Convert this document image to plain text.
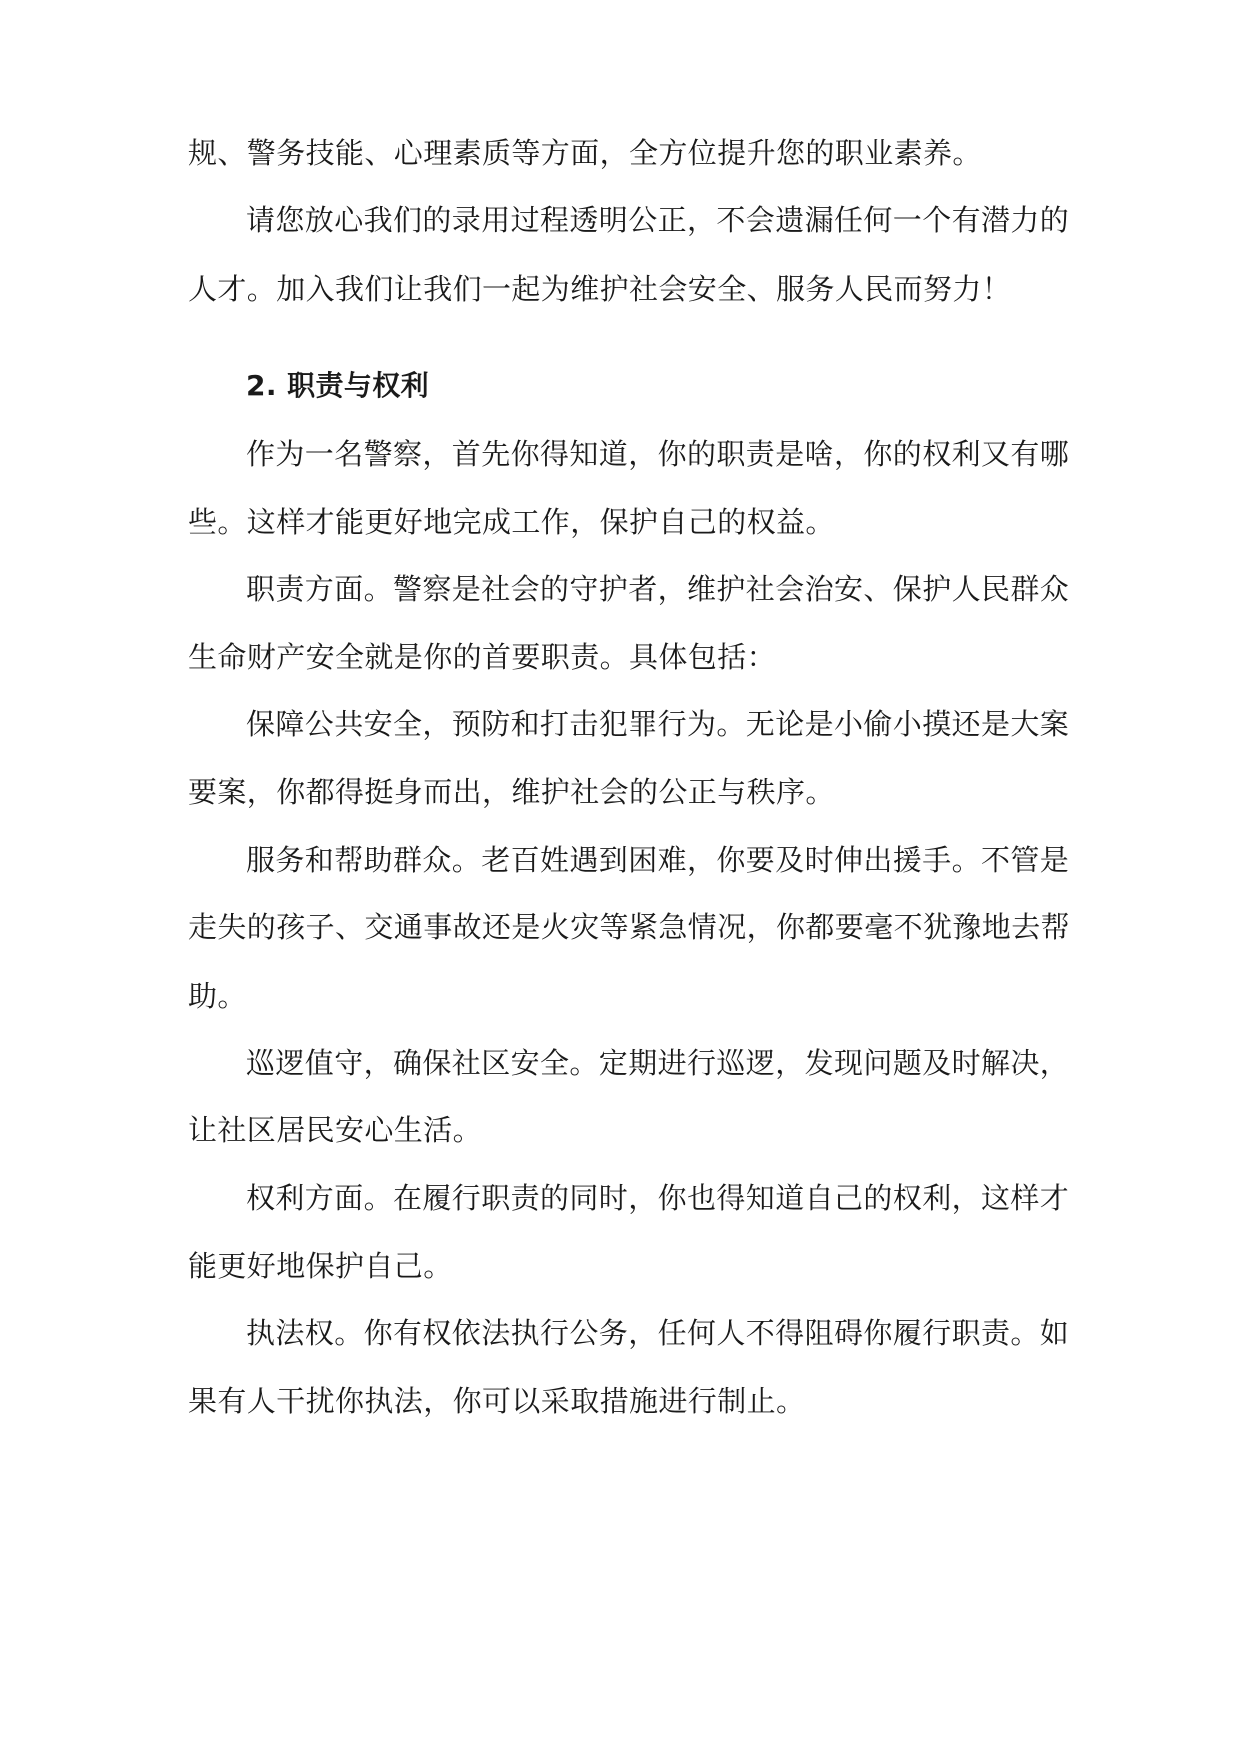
规、警务技能、心理素质等方面，全方位提升您的职业素养。
请您放心我们的录用过程透明公正，不会遗漏任何一个有潜力的
人才。加入我们让我们一起为维护社会安全、服务人民而努力！
2. 职责与权利
作为一名警察，首先你得知道，你的职责是啥，你的权利又有哪
些。这样才能更好地完成工作，保护自己的权益。
职责方面。警察是社会的守护者，维护社会治安、保护人民群众
生命财产安全就是你的首要职责。具体包括：
保障公共安全，预防和打击犯罪行为。无论是小偷小摸还是大案
要案，你都得挺身而出，维护社会的公正与秩序。
服务和帮助群众。老百姓遇到困难，你要及时伸出援手。不管是
走失的孩子、交通事故还是火灾等紧急情况，你都要毫不犹豫地去帮
助。
巡逻值守，确保社区安全。定期进行巡逻，发现问题及时解决，
让社区居民安心生活。
权利方面。在履行职责的同时，你也得知道自己的权利，这样才
能更好地保护自己。
执法权。你有权依法执行公务，任何人不得阻碍你履行职责。如
果有人干扰你执法，你可以采取措施进行制止。
